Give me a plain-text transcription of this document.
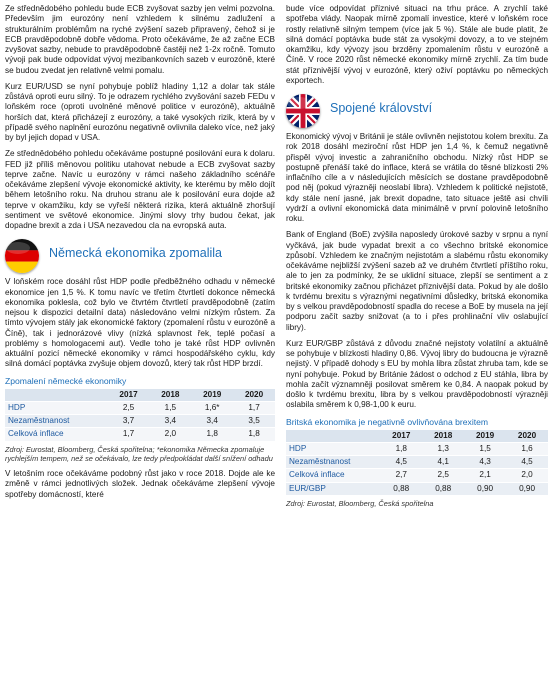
Ze střednědobého pohledu bude ECB zvyšovat sazby jen velmi pozvolna. Především jim eurozóny není vzhledem k silnému zadlužení a strukturálním problémům na ryché zvýšení sazeb připravený, čehož si je ECB pravděpodobně dobře vědoma. Proto očekáváme, že až začne ECB zvyšovat sazby, nebude to pravděpodobně častěji než 1-2x ročně. Tomuto vývoji pak bude odpovídat vývoj mezibankovních sazeb v eurozóně, které se budou zvedat jen relativně velmi pomalu.

Kurz EUR/USD se nyní pohybuje poblíž hladiny 1,12 a dolar tak stále zůstává oproti euru silný. To je odrazem rychlého zvyšování sazeb FEDu v loňském roce (oproti uvolněné měnové politice v eurozóně), aktuálně horších dat, která přicházejí z eurozóny, a také vysokých rizik, která by v případě svého naplnění eurozónu negativně ovlivnila daleko více, než jaký by byl jejich dopad v USA.

Ze střednědobého pohledu očekáváme postupné posilování eura k dolaru. FED již příliš měnovou politiku utahovat nebude a ECB zvyšovat sazby teprve začne. Navíc u eurozóny v rámci našeho základního scénáře očekáváme zlepšení vývoje ekonomické aktivity, ke kterému by mělo dojít během letošního roku. Na druhou stranu ale k posilování eura dojde až teprve v okamžiku, kdy se vyřeší některá rizika, která aktuálně zhoršují sentiment ve světové ekonomice. Jinými slovy trhy budou čekat, jak dopadne brexit a zda i USA nezavedou cla na evropská auta.

Německá ekonomika zpomalila

V loňském roce dosáhl růst HDP podle předběžného odhadu v německé ekonomice jen 1,5 %. K tomu navíc ve třetím čtvrtletí dokonce německá ekonomika poklesla, což bylo ve čtvrtém čtvrtletí pravděpodobně (zatím nejsou k dispozici detailní data) následováno velmi nízkým růstem. Za tímto vývojem stály jak ekonomické faktory (zpomalení růstu v eurozóně a Číně), tak i jednorázové vlivy (nízká splavnost řek, teplé počasí a problémy s homologacemi aut). Vedle toho je také růst HDP ovlivněn aktuální pozicí německé ekonomiky v rámci hospodářského cyklu, kdy silná domácí poptávka zvyšuje objem dovozů, který tak růst HDP brzdí.

Zpomalení německé ekonomiky
	2017	2018	2019	2020
HDP	2,5	1,5	1,6*	1,7
Nezaměstnanost	3,7	3,4	3,4	3,5
Celková inflace	1,7	2,0	1,8	1,8
Zdroj: Eurostat, Bloomberg, Česká spořitelna; *ekonomika Německa zpomaluje rychlejším tempem, než se očekávalo, lze tedy předpokládat další snížení odhadu

V letošním roce očekáváme podobný růst jako v roce 2018. Dojde ale ke změně v rámci jednotlivých složek. Jednak očekáváme zlepšení vývoje spotřeby domácností, které

bude více odpovídat příznivé situaci na trhu práce. A zrychlí také spotřeba vlády. Naopak mírně zpomalí investice, které v loňském roce rostly relativně silným tempem (více jak 5 %). Stále ale bude platit, že silná domácí poptávka bude stát za vysokými dovozy, a to ve stejném okamžiku, kdy vývozy jsou brzděny zpomalením růstu v eurozóně a Číně. V roce 2020 růst německé ekonomiky mírně zrychlí. Za tím bude stát příznivější vývoj v eurozóně, který oživí poptávku po německých exportech.

Spojené království

Ekonomický vývoj v Británii je stále ovlivněn nejistotou kolem brexitu. Za rok 2018 dosáhl meziroční růst HDP jen 1,4 %, k čemuž negativně přispěl vývoj investic a zahraničního obchodu. Nízký růst HDP se postupně přenáší také do inflace, která se vrátila do těsné blízkosti 2% inflačního cíle a v následujících měsících se dostane pravděpodobně pod něj (pokud výrazněji neoslabí libra). Vzhledem k politické nejistotě, kdy stále není jasné, jak brexit dopadne, tato situace ještě asi chvíli vydrží a ovlivní ekonomická data minimálně v první polovině letošního roku.

Bank of England (BoE) zvýšila naposledy úrokové sazby v srpnu a nyní vyčkává, jak bude vypadat brexit a co všechno britské ekonomice způsobí. Vzhledem ke značným nejistotám a slabému růstu ekonomiky očekáváme nejbližší zvýšení sazeb až ve druhém čtvrtletí příštího roku, ale to jen za podmínky, že se uklidní situace, zlepší se sentiment a z britské ekonomiky začnou přicházet příznivější data. Pokud by ale došlo k tvrdému brexitu s výraznými negativními důsledky, britská ekonomika by s velkou pravděpodobností spadla do recese a BoE by musela na její podporu začít sazby snižovat (a to i přes prohlinační vliv oslabující libry).

Kurz EUR/GBP zůstává z důvodu značné nejistoty volatilní a aktuálně se pohybuje v blízkosti hladiny 0,86. Vývoj libry do budoucna je výrazně nejistý. V případě dohody s EU by mohla libra zůstat zhruba tam, kde se nyní pohybuje. Pokud by Británie žádost o odchod z EU stáhla, libra by mohla začít významněji posilovat směrem ke 0,84. A naopak pokud by došlo k tvrdému brexitu, libra by s velkou pravděpodobností výrazněji oslabila směrem k 0,98-1,00 k euru.

Britská ekonomika je negativně ovlivňována brexitem
	2017	2018	2019	2020
HDP	1,8	1,3	1,5	1,6
Nezaměstnanost	4,5	4,1	4,3	4,5
Celková inflace	2,7	2,5	2,1	2,0
EUR/GBP	0,88	0,88	0,90	0,90
Zdroj: Eurostat, Bloomberg, Česká spořitelna
